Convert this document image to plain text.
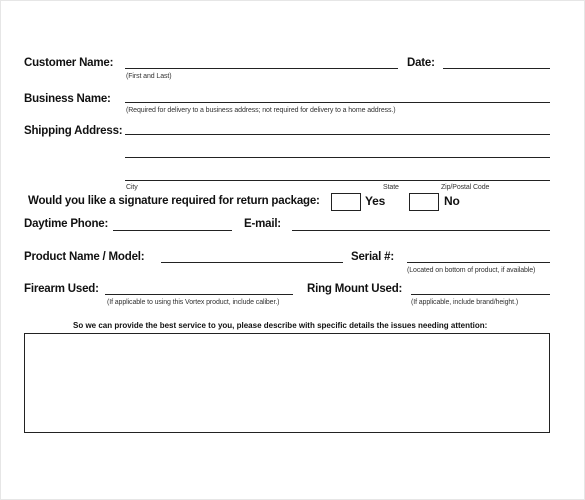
Customer Name:
(First and Last)
Date:
Business Name:
(Required for delivery to a business address; not required for delivery to a home address.)
Shipping Address:
City	State	Zip/Postal Code
Would you like a signature required for return package:	Yes	No
Daytime Phone:	E-mail:
Product Name / Model:	Serial #:
(Located on bottom of product, if available)
Firearm Used:
(If applicable to using this Vortex product, include caliber.)
Ring Mount Used:
(If applicable, include brand/height.)
So we can provide the best service to you, please describe with specific details the issues needing attention:
